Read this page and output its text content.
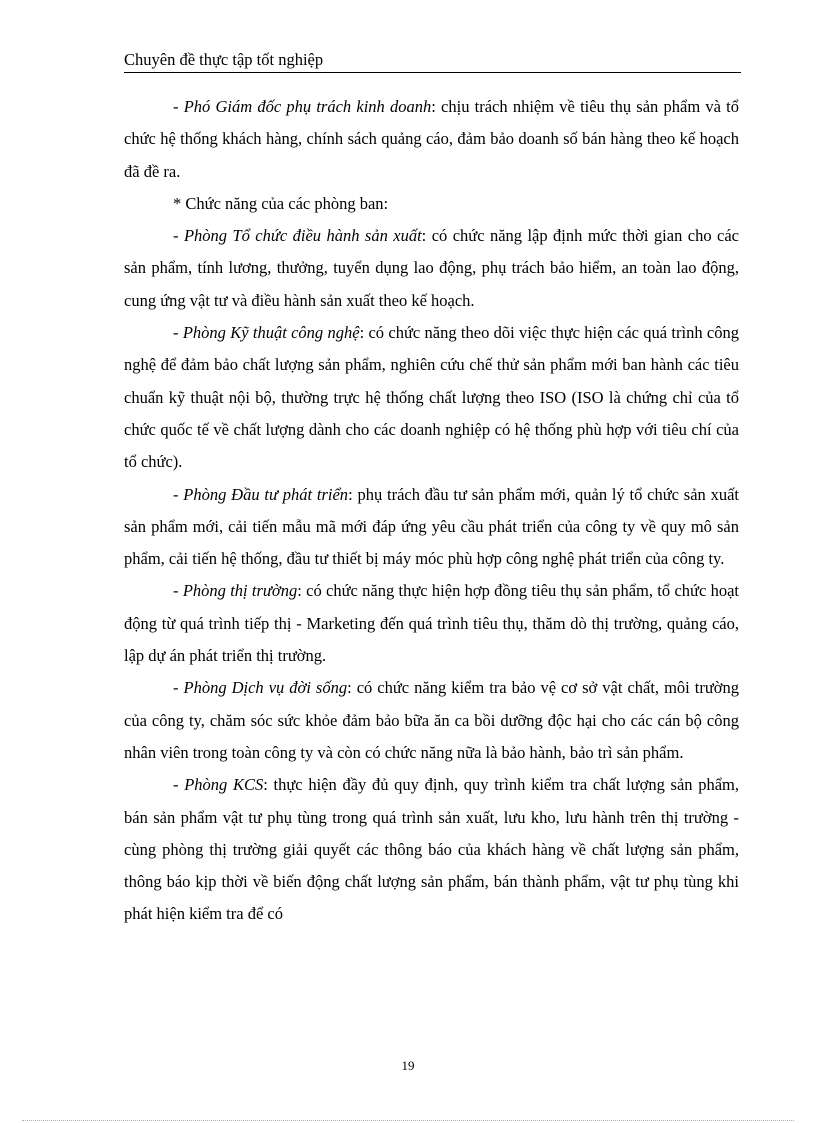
Chuyên đề thực tập tốt nghiệp

- Phó Giám đốc phụ trách kinh doanh: chịu trách nhiệm về tiêu thụ sản phẩm và tổ chức hệ thống khách hàng, chính sách quảng cáo, đảm bảo doanh số bán hàng theo kế hoạch đã đề ra.

* Chức năng của các phòng ban:

- Phòng Tổ chức điều hành sản xuất: có chức năng lập định mức thời gian cho các sản phẩm, tính lương, thưởng, tuyển dụng lao động, phụ trách bảo hiểm, an toàn lao động, cung ứng vật tư và điều hành sản xuất theo kế hoạch.

- Phòng Kỹ thuật công nghệ: có chức năng theo dõi việc thực hiện các quá trình công nghệ để đảm bảo chất lượng sản phẩm, nghiên cứu chế thử sản phẩm mới ban hành các tiêu chuẩn kỹ thuật nội bộ, thường trực hệ thống chất lượng theo ISO (ISO là chứng chỉ của tổ chức quốc tế về chất lượng dành cho các doanh nghiệp có hệ thống phù hợp với tiêu chí của tổ chức).

- Phòng Đầu tư phát triển: phụ trách đầu tư sản phẩm mới, quản lý tổ chức sản xuất sản phẩm mới, cải tiến mẫu mã mới đáp ứng yêu cầu phát triển của công ty về quy mô sản phẩm, cải tiến hệ thống, đầu tư thiết bị máy móc phù hợp công nghệ phát triển của công ty.

- Phòng thị trường: có chức năng thực hiện hợp đồng tiêu thụ sản phẩm, tổ chức hoạt động từ quá trình tiếp thị - Marketing đến quá trình tiêu thụ, thăm dò thị trường, quảng cáo, lập dự án phát triển thị trường.

- Phòng Dịch vụ đời sống: có chức năng kiểm tra bảo vệ cơ sở vật chất, môi trường của công ty, chăm sóc sức khỏe đảm bảo bữa ăn ca bồi dưỡng độc hại cho các cán bộ công nhân viên trong toàn công ty và còn có chức năng nữa là bảo hành, bảo trì sản phẩm.

- Phòng KCS: thực hiện đầy đủ quy định, quy trình kiểm tra chất lượng sản phẩm, bán sản phẩm vật tư phụ tùng trong quá trình sản xuất, lưu kho, lưu hành trên thị trường - cùng phòng thị trường giải quyết các thông báo của khách hàng về chất lượng sản phẩm, thông báo kịp thời về biến động chất lượng sản phẩm, bán thành phẩm, vật tư phụ tùng khi phát hiện kiểm tra để có

19
